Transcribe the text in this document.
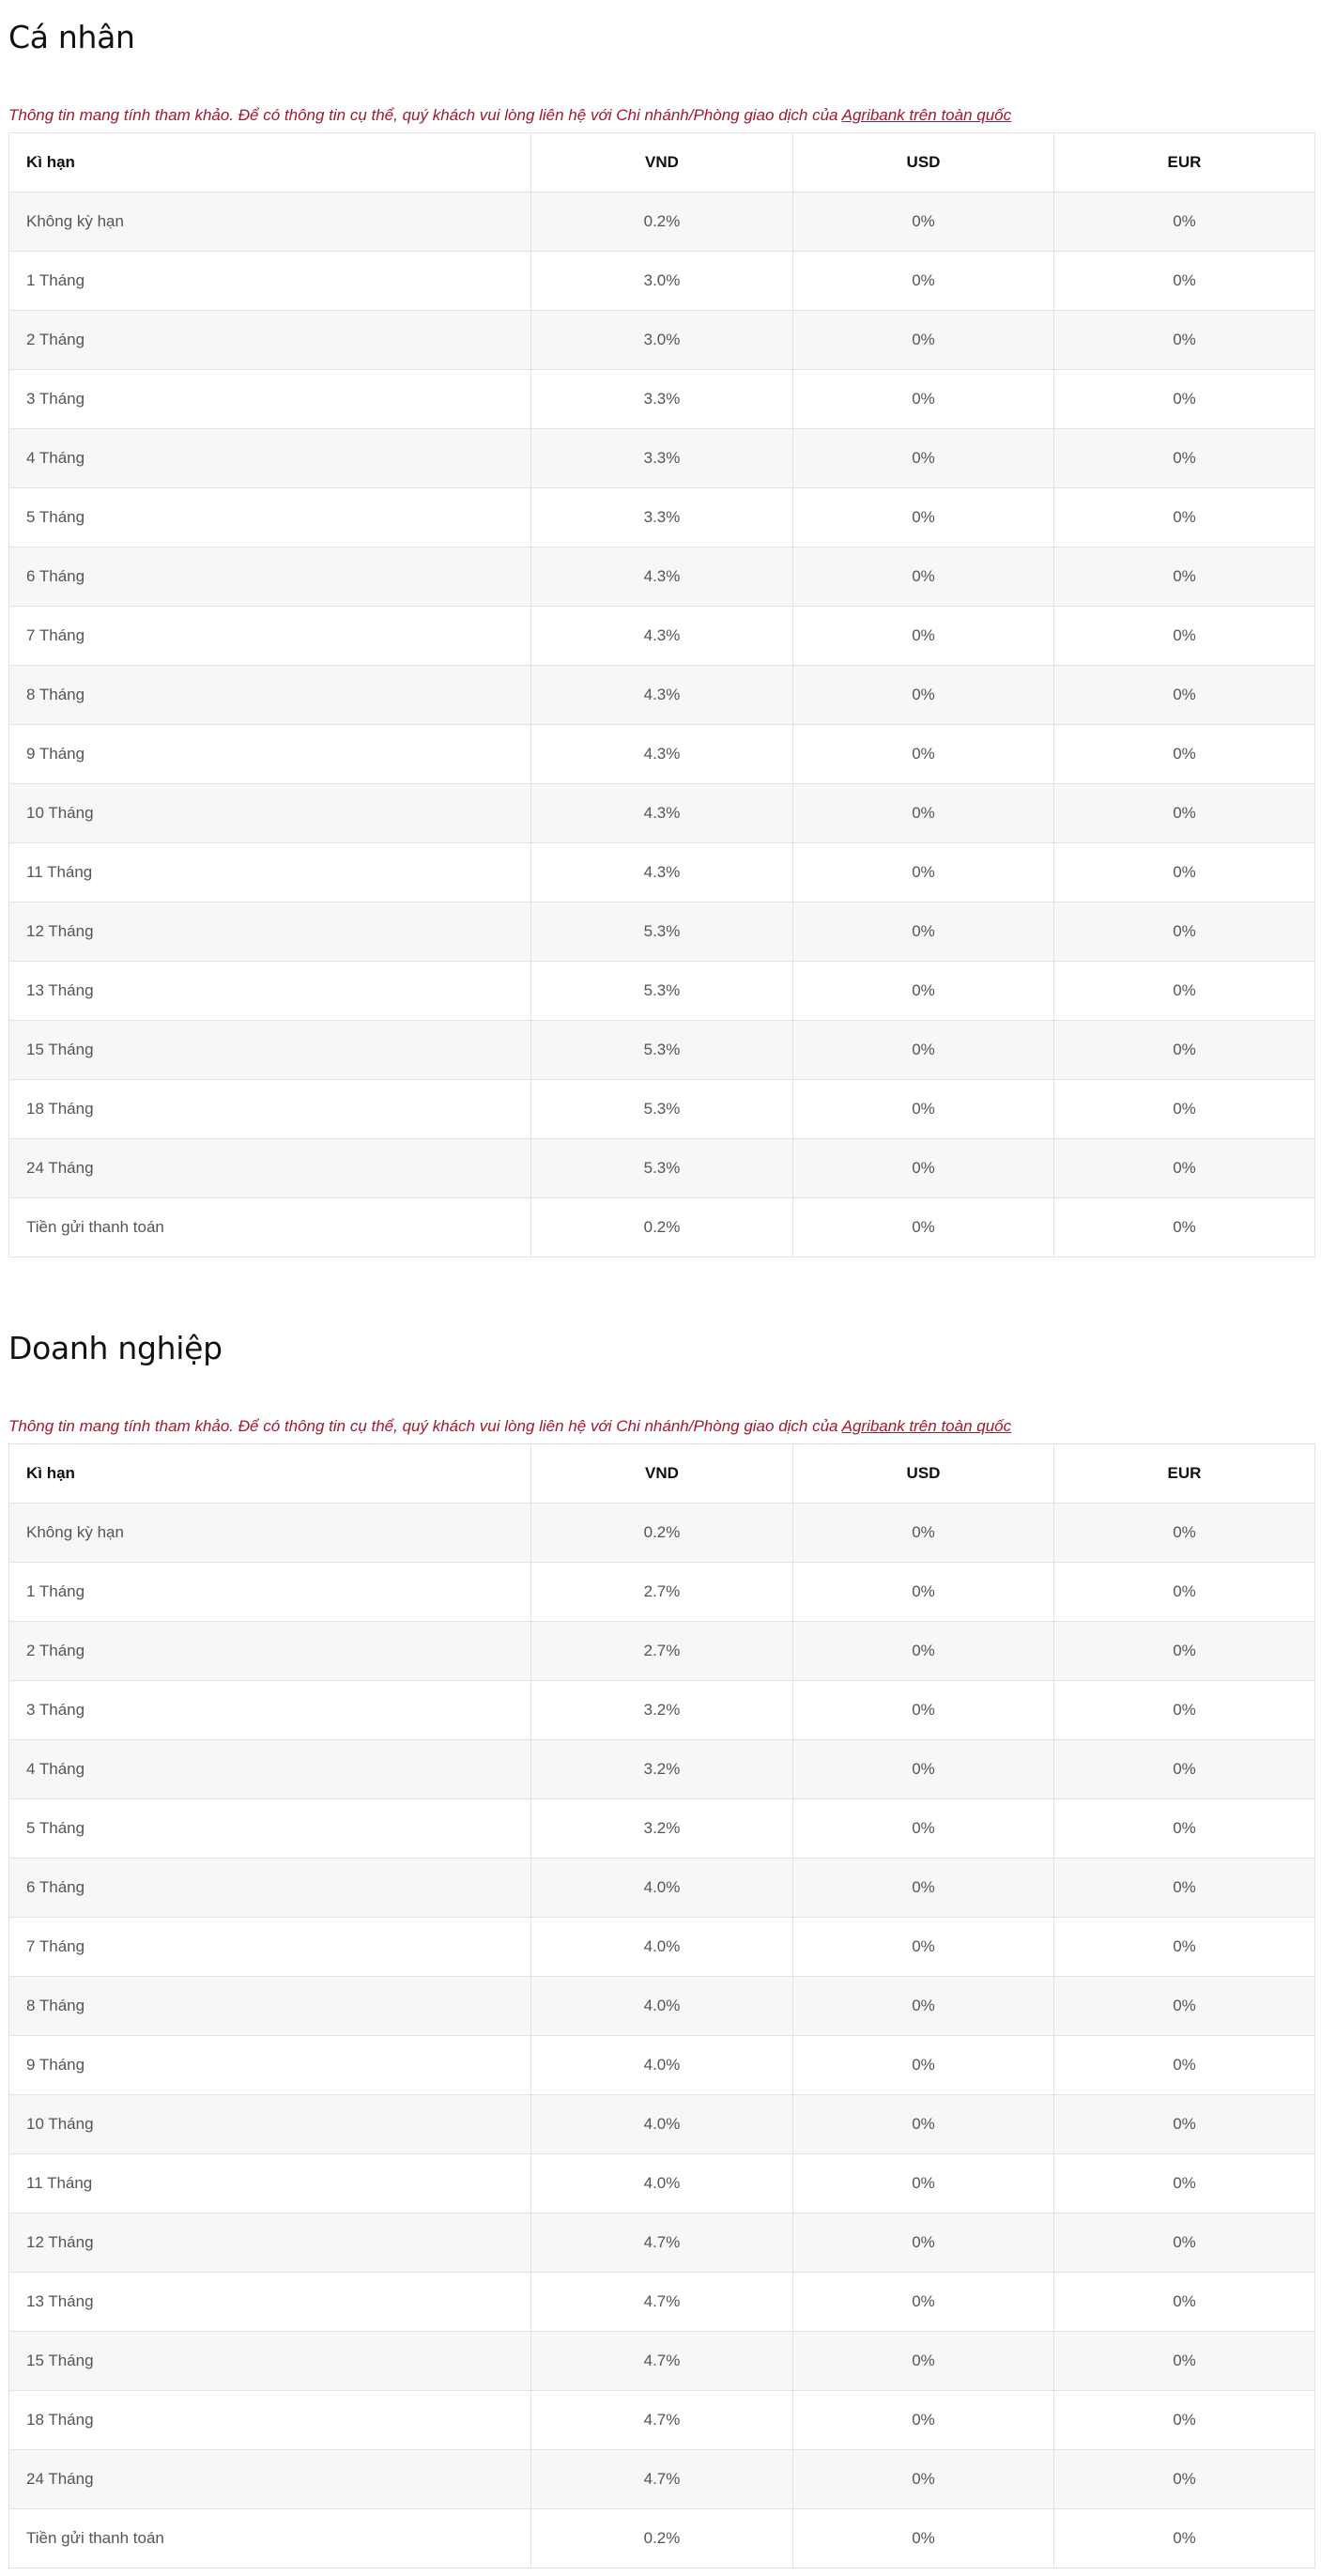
Cá nhân
Thông tin mang tính tham khảo. Để có thông tin cụ thể, quý khách vui lòng liên hệ với Chi nhánh/Phòng giao dịch của Agribank trên toàn quốc
Kì hạn	VND	USD	EUR
Không kỳ hạn	0.2%	0%	0%
1 Tháng	3.0%	0%	0%
2 Tháng	3.0%	0%	0%
3 Tháng	3.3%	0%	0%
4 Tháng	3.3%	0%	0%
5 Tháng	3.3%	0%	0%
6 Tháng	4.3%	0%	0%
7 Tháng	4.3%	0%	0%
8 Tháng	4.3%	0%	0%
9 Tháng	4.3%	0%	0%
10 Tháng	4.3%	0%	0%
11 Tháng	4.3%	0%	0%
12 Tháng	5.3%	0%	0%
13 Tháng	5.3%	0%	0%
15 Tháng	5.3%	0%	0%
18 Tháng	5.3%	0%	0%
24 Tháng	5.3%	0%	0%
Tiền gửi thanh toán	0.2%	0%	0%
Doanh nghiệp
Thông tin mang tính tham khảo. Để có thông tin cụ thể, quý khách vui lòng liên hệ với Chi nhánh/Phòng giao dịch của Agribank trên toàn quốc
Kì hạn	VND	USD	EUR
Không kỳ hạn	0.2%	0%	0%
1 Tháng	2.7%	0%	0%
2 Tháng	2.7%	0%	0%
3 Tháng	3.2%	0%	0%
4 Tháng	3.2%	0%	0%
5 Tháng	3.2%	0%	0%
6 Tháng	4.0%	0%	0%
7 Tháng	4.0%	0%	0%
8 Tháng	4.0%	0%	0%
9 Tháng	4.0%	0%	0%
10 Tháng	4.0%	0%	0%
11 Tháng	4.0%	0%	0%
12 Tháng	4.7%	0%	0%
13 Tháng	4.7%	0%	0%
15 Tháng	4.7%	0%	0%
18 Tháng	4.7%	0%	0%
24 Tháng	4.7%	0%	0%
Tiền gửi thanh toán	0.2%	0%	0%
